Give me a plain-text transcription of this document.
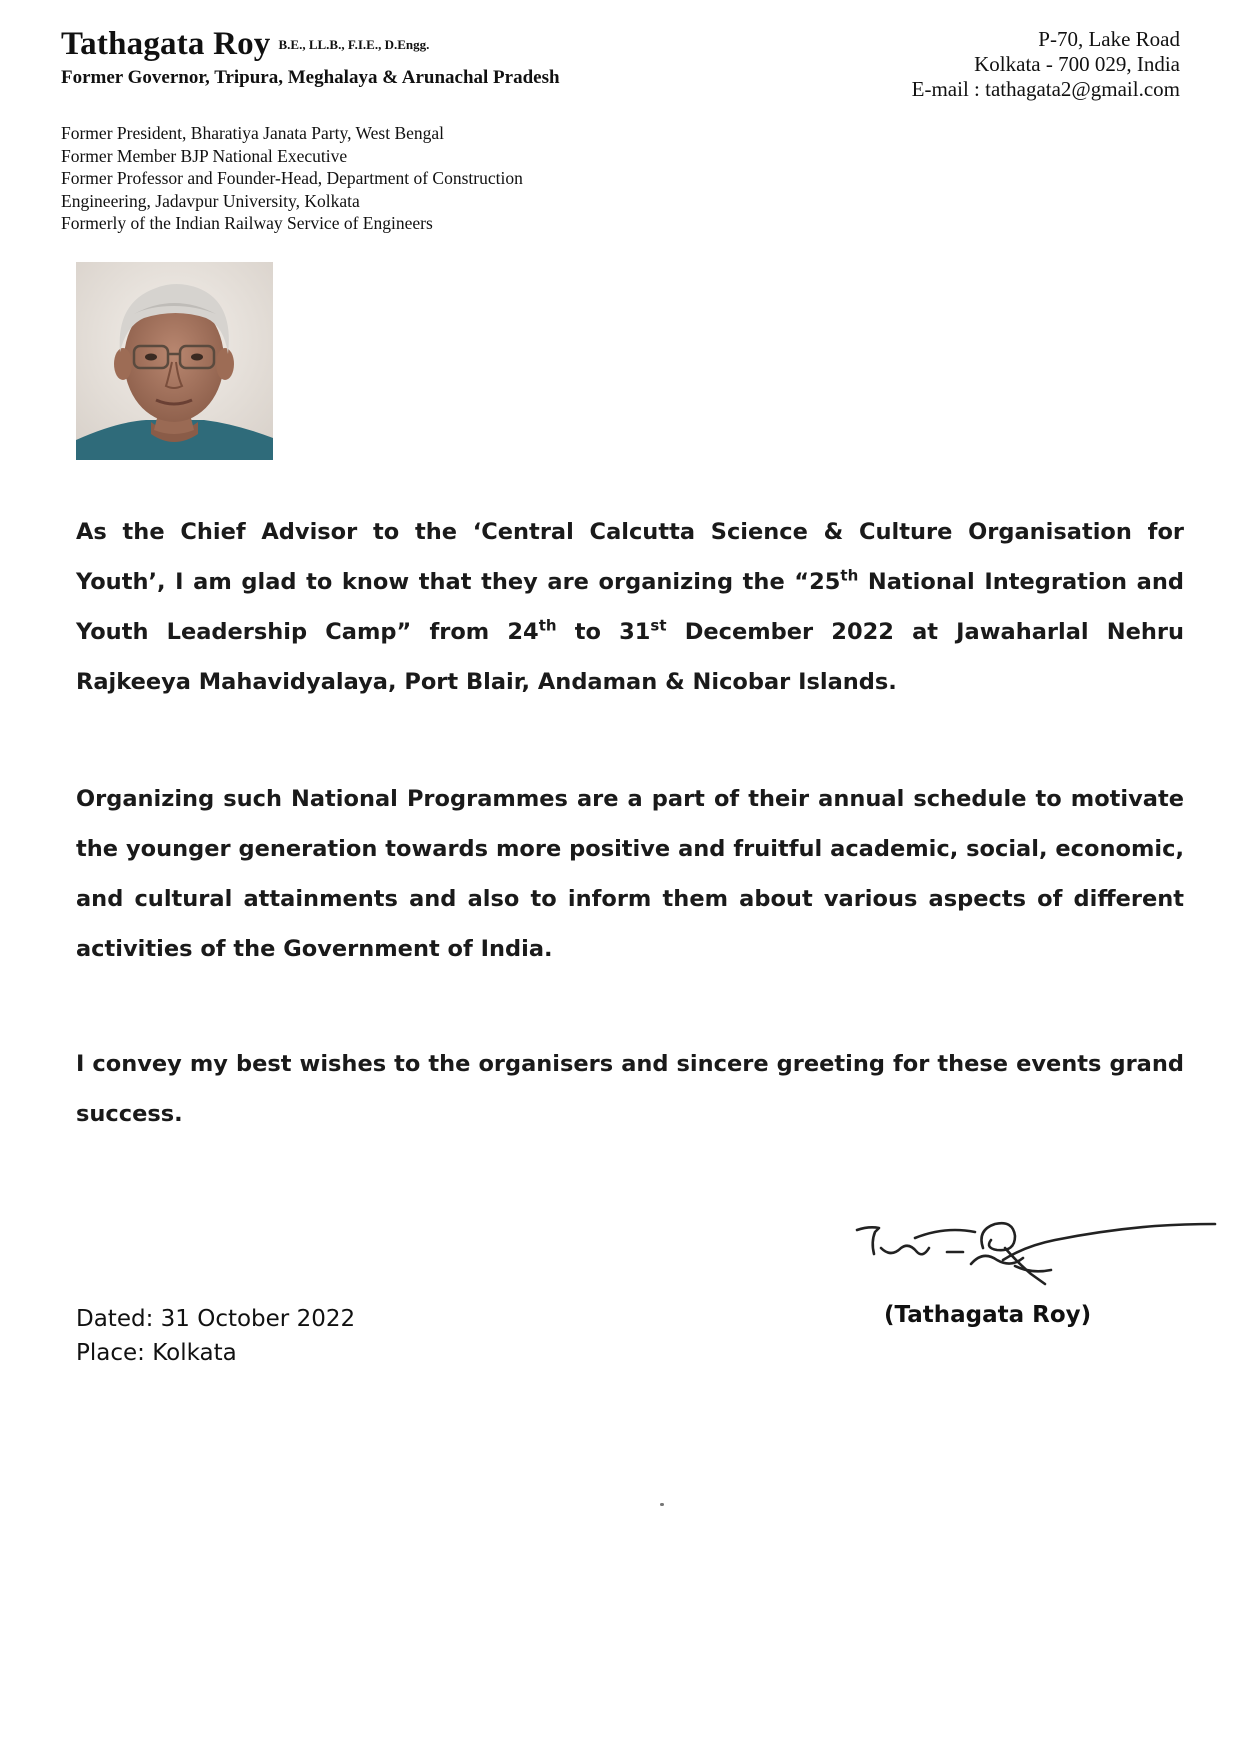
Tathagata Roy $^{B.E., LL.B., F.I.E., D.Engg.}$
Former Governor, Tripura, Meghalaya & Arunachal Pradesh
P-70, Lake Road
Kolkata - 700 029, India
E-mail : tathagata2@gmail.com
Former President, Bharatiya Janata Party, West Bengal
Former Member BJP National Executive
Former Professor and Founder-Head, Department of Construction
Engineering, Jadavpur University, Kolkata
Formerly of the Indian Railway Service of Engineers
As the Chief Advisor to the ‘Central Calcutta Science & Culture Organisation for Youth’, I am glad to know that they are organizing the “25th National Integration and Youth Leadership Camp” from 24th to 31st December 2022 at Jawaharlal Nehru Rajkeeya Mahavidyalaya, Port Blair, Andaman & Nicobar Islands.
Organizing such National Programmes are a part of their annual schedule to motivate the younger generation towards more positive and fruitful academic, social, economic, and cultural attainments and also to inform them about various aspects of different activities of the Government of India.
I convey my best wishes to the organisers and sincere greeting for these events grand success.
Dated: 31 October 2022
Place: Kolkata
(Tathagata Roy)
